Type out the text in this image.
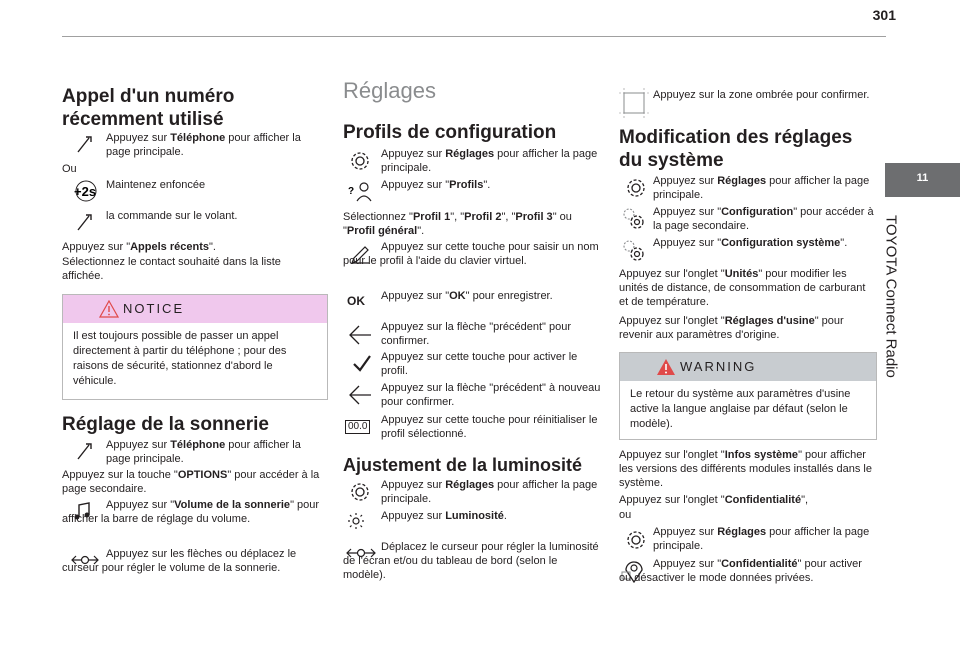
301
11
TOYOTA Connect Radio
Appel d'un numéro récemment utilisé

Appuyez sur Téléphone pour afficher la page principale.

Ou

+2s Maintenez enfoncée

la commande sur le volant.

Appuyez sur "Appels récents".

Sélectionnez le contact souhaité dans la liste affichée.

NOTICE
Il est toujours possible de passer un appel directement à partir du téléphone ; pour des raisons de sécurité, stationnez d'abord le véhicule.
Réglage de la sonnerie

Appuyez sur Téléphone pour afficher la page principale.

Appuyez sur la touche "OPTIONS" pour accéder à la page secondaire.

Appuyez sur "Volume de la sonnerie" pour afficher la barre de réglage du volume.

Appuyez sur les flèches ou déplacez le curseur pour régler le volume de la sonnerie.

Réglages
Profils de configuration

Appuyez sur Réglages pour afficher la page principale.

?

Appuyez sur "Profils".

Sélectionnez "Profil 1", "Profil 2", "Profil 3" ou "Profil général".

Appuyez sur cette touche pour saisir un nom pour le profil à l'aide du clavier virtuel.

OK Appuyez sur "OK" pour enregistrer.

Appuyez sur la flèche "précédent" pour confirmer.

Appuyez sur cette touche pour activer le profil.

Appuyez sur la flèche "précédent" à nouveau pour confirmer.

00.0

Appuyez sur cette touche pour réinitialiser le profil sélectionné.

Ajustement de la luminosité

Appuyez sur Réglages pour afficher la page principale.

Appuyez sur Luminosité.

Déplacez le curseur pour régler la luminosité de l'écran et/ou du tableau de bord (selon le modèle).

Appuyez sur la zone ombrée pour confirmer.

Modification des réglages du système

Appuyez sur Réglages pour afficher la page principale.

Appuyez sur "Configuration" pour accéder à la page secondaire.

Appuyez sur "Configuration système".

Appuyez sur l'onglet "Unités" pour modifier les unités de distance, de consommation de carburant et de température.

Appuyez sur l'onglet "Réglages d'usine" pour revenir aux paramètres d'origine.

WARNING
Le retour du système aux paramètres d'usine active la langue anglaise par défaut (selon le modèle).

Appuyez sur l'onglet "Infos système" pour afficher les versions des différents modules installés dans le système.

Appuyez sur l'onglet "Confidentialité",

ou

Appuyez sur Réglages pour afficher la page principale.

Appuyez sur "Confidentialité" pour activer ou désactiver le mode données privées.
